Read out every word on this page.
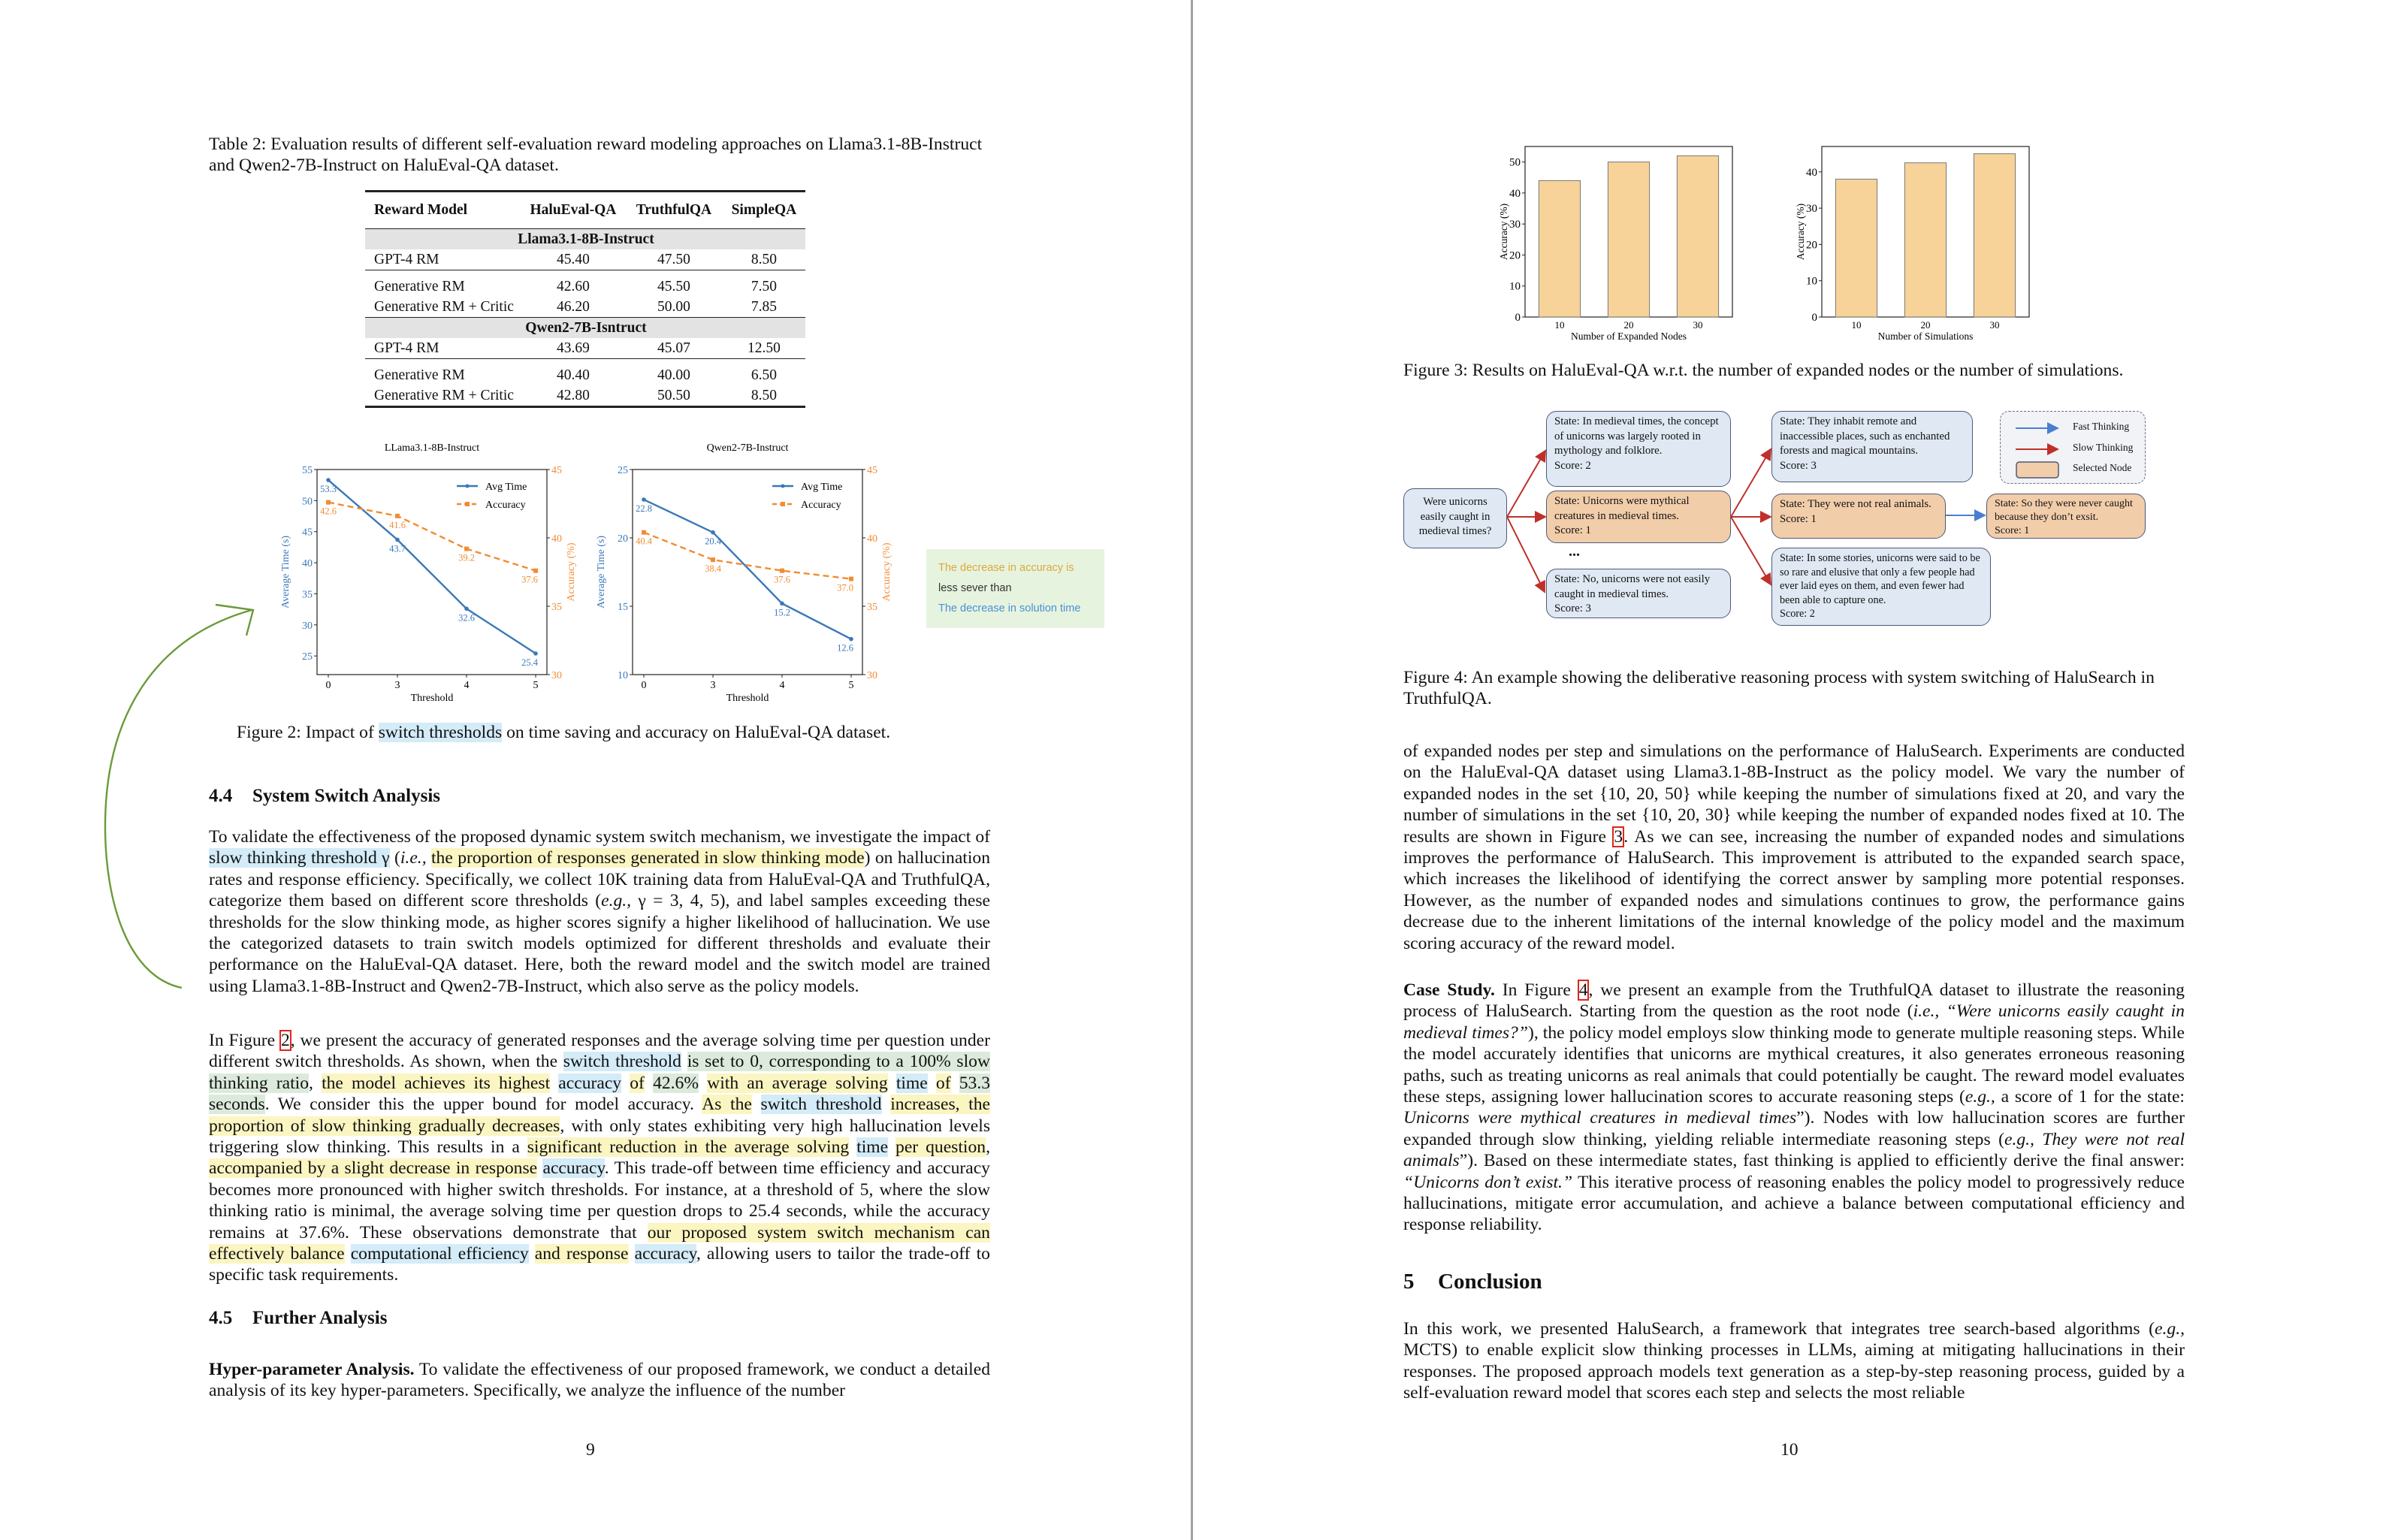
Table 2: Evaluation results of different self-evaluation reward modeling approaches on Llama3.1-8B-Instruct and Qwen2-7B-Instruct on HaluEval-QA dataset.
Reward Model	HaluEval-QA	TruthfulQA	SimpleQA
Llama3.1-8B-Instruct			
GPT-4 RM	45.40	47.50	8.50
Generative RM	42.60	45.50	7.50
Generative RM + Critic	46.20	50.00	7.85
Qwen2-7B-Isntruct			
GPT-4 RM	43.69	45.07	12.50
Generative RM	40.40	40.00	6.50
Generative RM + Critic	42.80	50.50	8.50
LLama3.1-8B-Instruct
25
30
35
40
45
50
55
30
35
40
45
0	3	4	5
Threshold
Average Time (s)	Accuracy (%)
53.3
43.7
32.6
25.4
42.6
41.6
39.2
37.6
Avg Time
Accuracy
Qwen2-7B-Instruct
10
15
20
25
30
35
40
45
0	3	4	5
Threshold
Average Time (s)	Accuracy (%)
22.8
20.4
15.2
12.6
40.4
38.4
37.6
37.0
Avg Time
Accuracy
The decrease in accuracy is
less sever than
The decrease in solution time
Figure 2: Impact of switch thresholds on time saving and accuracy on HaluEval-QA dataset.
4.4 System Switch Analysis
To validate the effectiveness of the proposed dynamic system switch mechanism, we investigate the impact of slow thinking threshold γ (i.e., the proportion of responses generated in slow thinking mode) on hallucination rates and response efficiency. Specifically, we collect 10K training data from HaluEval-QA and TruthfulQA, categorize them based on different score thresholds (e.g., γ = 3, 4, 5), and label samples exceeding these thresholds for the slow thinking mode, as higher scores signify a higher likelihood of hallucination. We use the categorized datasets to train switch models optimized for different thresholds and evaluate their performance on the HaluEval-QA dataset. Here, both the reward model and the switch model are trained using Llama3.1-8B-Instruct and Qwen2-7B-Instruct, which also serve as the policy models.
In Figure 2, we present the accuracy of generated responses and the average solving time per question under different switch thresholds. As shown, when the switch threshold is set to 0, corresponding to a 100% slow thinking ratio, the model achieves its highest accuracy of 42.6% with an average solving time of 53.3 seconds. We consider this the upper bound for model accuracy. As the switch threshold increases, the proportion of slow thinking gradually decreases, with only states exhibiting very high hallucination levels triggering slow thinking. This results in a significant reduction in the average solving time per question, accompanied by a slight decrease in response accuracy. This trade-off between time efficiency and accuracy becomes more pronounced with higher switch thresholds. For instance, at a threshold of 5, where the slow thinking ratio is minimal, the average solving time per question drops to 25.4 seconds, while the accuracy remains at 37.6%. These observations demonstrate that our proposed system switch mechanism can effectively balance computational efficiency and response accuracy, allowing users to tailor the trade-off to specific task requirements.
4.5 Further Analysis
Hyper-parameter Analysis. To validate the effectiveness of our proposed framework, we conduct a detailed analysis of its key hyper-parameters. Specifically, we analyze the influence of the number
9
0
10
20
30
40
50
10	20	30
Number of Expanded Nodes
Accuracy (%)
0
10
20
30
40
10	20	30
Number of Simulations
Accuracy (%)
Figure 3: Results on HaluEval-QA w.r.t. the number of expanded nodes or the number of simulations.
Were unicorns easily caught in medieval times?
State: In medieval times, the concept of unicorns was largely rooted in mythology and folklore.
Score: 2
State: Unicorns were mythical creatures in medieval times.
Score: 1
...
State: No, unicorns were not easily caught in medieval times.
Score: 3
State: They inhabit remote and inaccessible places, such as enchanted forests and magical mountains.
Score: 3
State: They were not real animals.
Score: 1
State: In some stories, unicorns were said to be so rare and elusive that only a few people had ever laid eyes on them, and even fewer had been able to capture one.
Score: 2
State: So they were never caught because they don’t exsit.
Score: 1
Fast Thinking
Slow Thinking
Selected Node
Figure 4: An example showing the deliberative reasoning process with system switching of HaluSearch in TruthfulQA.
of expanded nodes per step and simulations on the performance of HaluSearch. Experiments are conducted on the HaluEval-QA dataset using Llama3.1-8B-Instruct as the policy model. We vary the number of expanded nodes in the set {10, 20, 50} while keeping the number of simulations fixed at 20, and vary the number of simulations in the set {10, 20, 30} while keeping the number of expanded nodes fixed at 10. The results are shown in Figure 3. As we can see, increasing the number of expanded nodes and simulations improves the performance of HaluSearch. This improvement is attributed to the expanded search space, which increases the likelihood of identifying the correct answer by sampling more potential responses. However, as the number of expanded nodes and simulations continues to grow, the performance gains decrease due to the inherent limitations of the internal knowledge of the policy model and the maximum scoring accuracy of the reward model.
Case Study. In Figure 4, we present an example from the TruthfulQA dataset to illustrate the reasoning process of HaluSearch. Starting from the question as the root node (i.e., “Were unicorns easily caught in medieval times?”), the policy model employs slow thinking mode to generate multiple reasoning steps. While the model accurately identifies that unicorns are mythical creatures, it also generates erroneous reasoning paths, such as treating unicorns as real animals that could potentially be caught. The reward model evaluates these steps, assigning lower hallucination scores to accurate reasoning steps (e.g., a score of 1 for the state: Unicorns were mythical creatures in medieval times”). Nodes with low hallucination scores are further expanded through slow thinking, yielding reliable intermediate reasoning steps (e.g., They were not real animals”). Based on these intermediate states, fast thinking is applied to efficiently derive the final answer: “Unicorns don’t exist.” This iterative process of reasoning enables the policy model to progressively reduce hallucinations, mitigate error accumulation, and achieve a balance between computational efficiency and response reliability.
5 Conclusion
In this work, we presented HaluSearch, a framework that integrates tree search-based algorithms (e.g., MCTS) to enable explicit slow thinking processes in LLMs, aiming at mitigating hallucinations in their responses. The proposed approach models text generation as a step-by-step reasoning process, guided by a self-evaluation reward model that scores each step and selects the most reliable
10
